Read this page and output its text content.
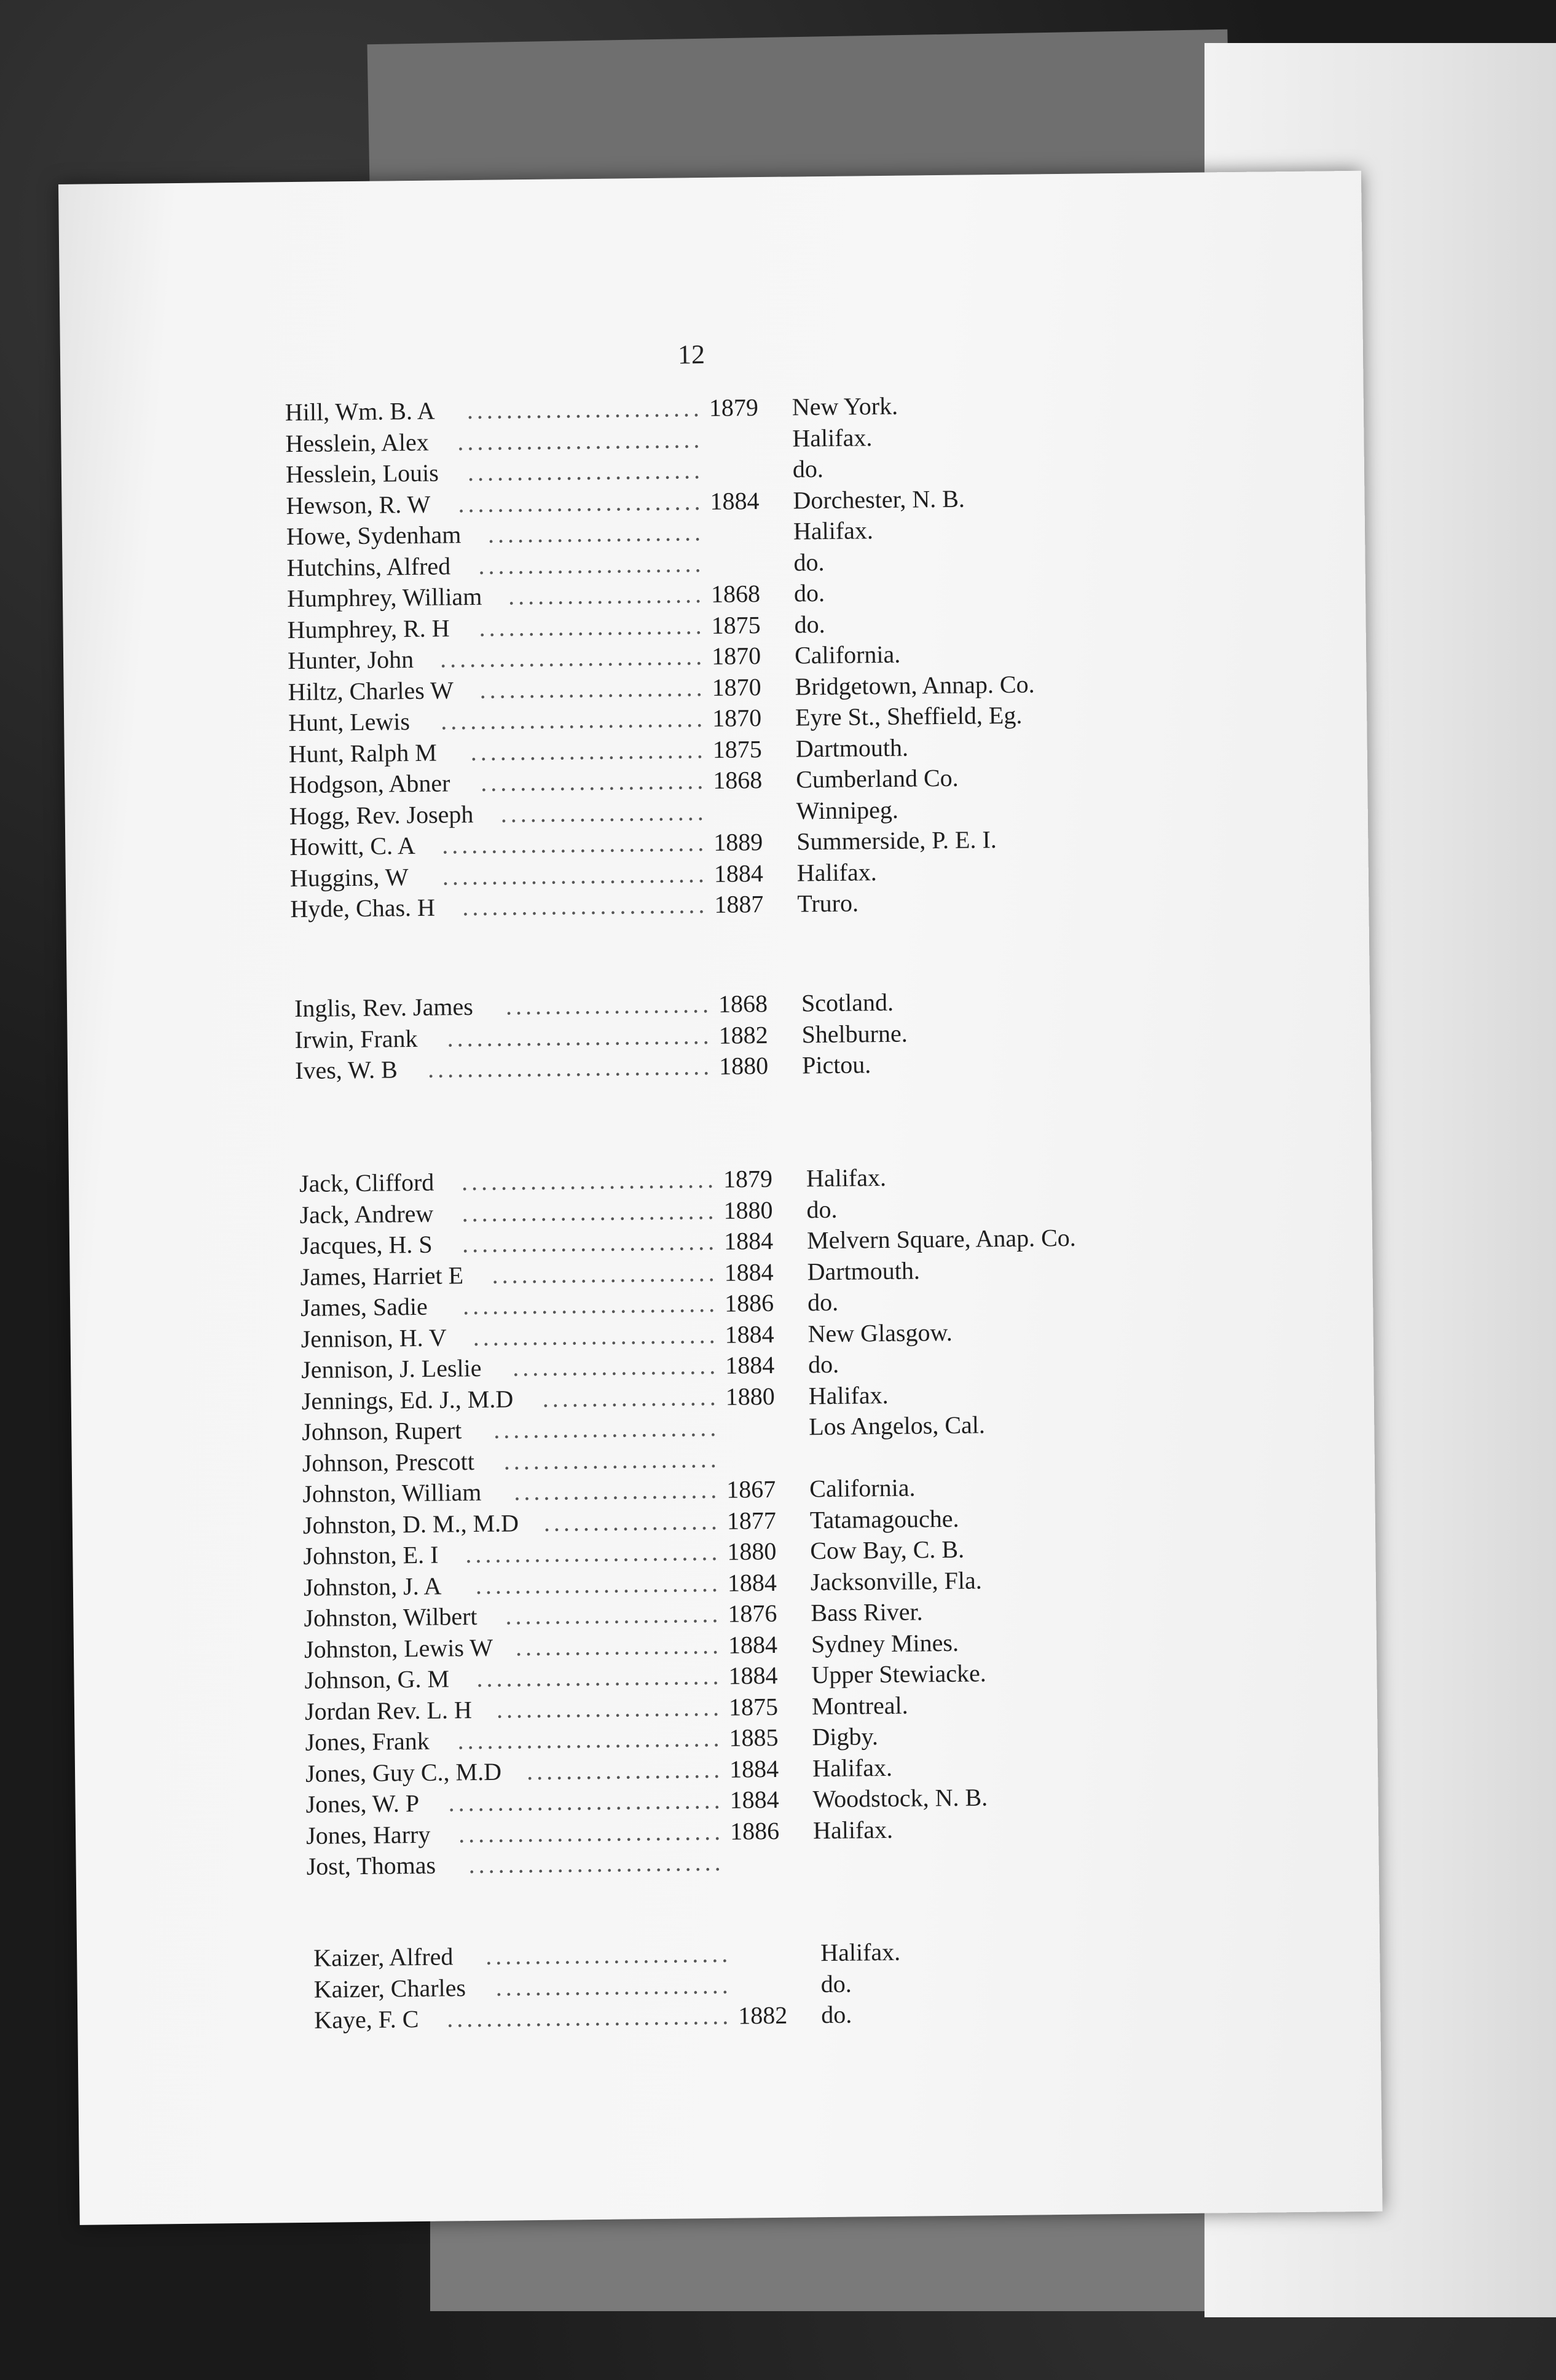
12
Hill, Wm. B. A ........................ 1879	New York.
Hesslein, Alex .........................	Halifax.
Hesslein, Louis ........................	do.
Hewson, R. W ......................... 1884	Dorchester, N. B.
Howe, Sydenham ......................	Halifax.
Hutchins, Alfred .......................	do.
Humphrey, William .................... 1868	do.
Humphrey, R. H ....................... 1875	do.
Hunter, John ........................... 1870	California.
Hiltz, Charles W ....................... 1870	Bridgetown, Annap. Co.
Hunt, Lewis ........................... 1870	Eyre St., Sheffield, Eg.
Hunt, Ralph M ........................ 1875	Dartmouth.
Hodgson, Abner ....................... 1868	Cumberland Co.
Hogg, Rev. Joseph .....................	Winnipeg.
Howitt, C. A ........................... 1889	Summerside, P. E. I.
Huggins, W ........................... 1884	Halifax.
Hyde, Chas. H ......................... 1887	Truro.
Inglis, Rev. James ..................... 1868	Scotland.
Irwin, Frank ........................... 1882	Shelburne.
Ives, W. B ............................. 1880	Pictou.
Jack, Clifford .......................... 1879	Halifax.
Jack, Andrew .......................... 1880	do.
Jacques, H. S .......................... 1884	Melvern Square, Anap. Co.
James, Harriet E ....................... 1884	Dartmouth.
James, Sadie .......................... 1886	do.
Jennison, H. V ......................... 1884	New Glasgow.
Jennison, J. Leslie ..................... 1884	do.
Jennings, Ed. J., M.D .................. 1880	Halifax.
Johnson, Rupert .......................	Los Angelos, Cal.
Johnson, Prescott ......................
Johnston, William ..................... 1867	California.
Johnston, D. M., M.D .................. 1877	Tatamagouche.
Johnston, E. I .......................... 1880	Cow Bay, C. B.
Johnston, J. A ......................... 1884	Jacksonville, Fla.
Johnston, Wilbert ...................... 1876	Bass River.
Johnston, Lewis W ..................... 1884	Sydney Mines.
Johnson, G. M ......................... 1884	Upper Stewiacke.
Jordan Rev. L. H ....................... 1875	Montreal.
Jones, Frank ........................... 1885	Digby.
Jones, Guy C., M.D .................... 1884	Halifax.
Jones, W. P ............................ 1884	Woodstock, N. B.
Jones, Harry ........................... 1886	Halifax.
Jost, Thomas ..........................
Kaizer, Alfred .........................	Halifax.
Kaizer, Charles ........................	do.
Kaye, F. C ............................. 1882	do.
